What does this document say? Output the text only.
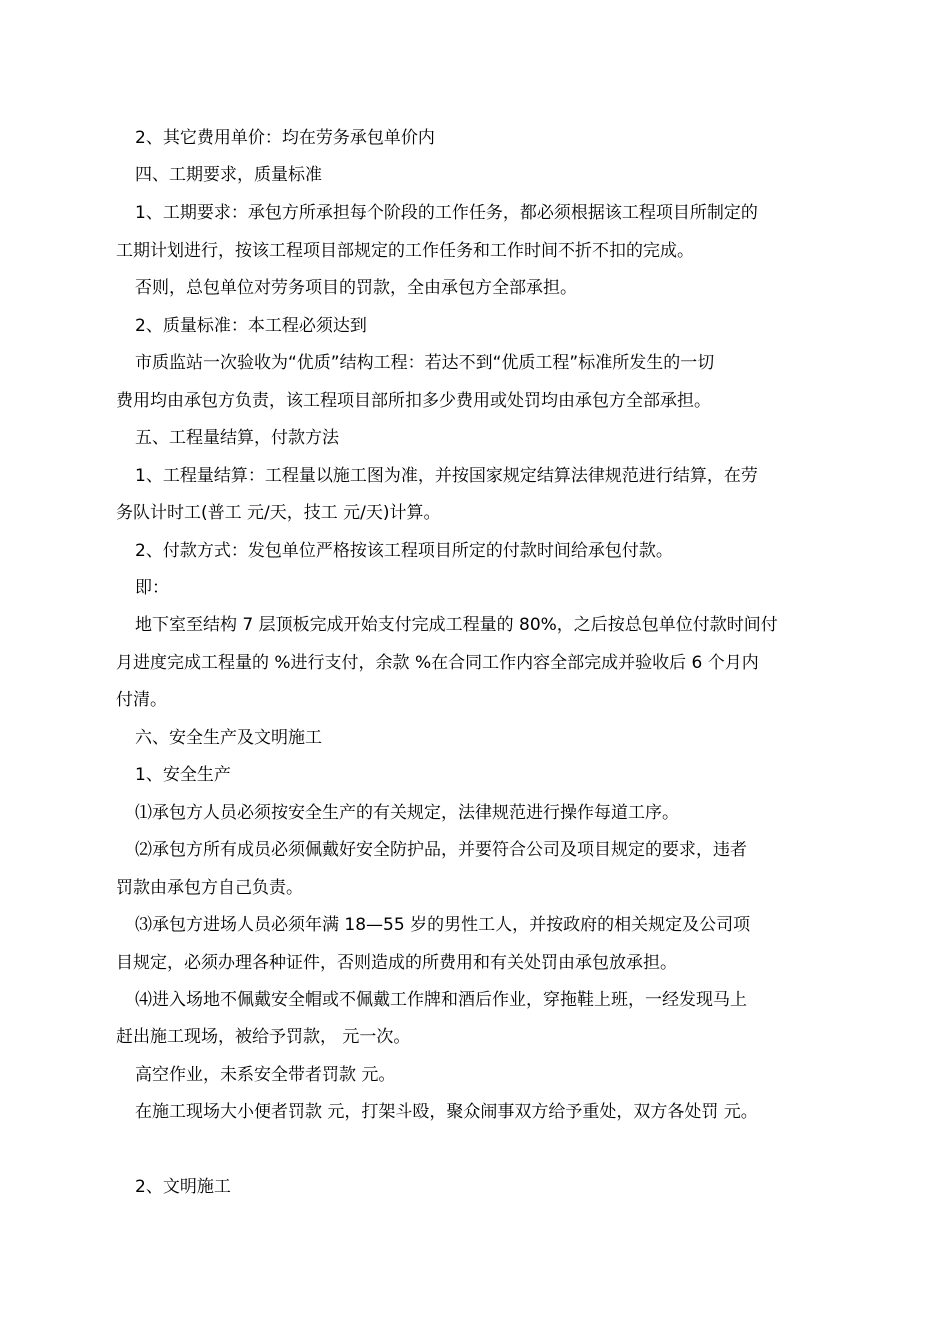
2、其它费用单价：均在劳务承包单价内

四、工期要求，质量标准

1、工期要求：承包方所承担每个阶段的工作任务，都必须根据该工程项目所制定的

工期计划进行，按该工程项目部规定的工作任务和工作时间不折不扣的完成。

否则，总包单位对劳务项目的罚款，全由承包方全部承担。

2、质量标准：本工程必须达到

市质监站一次验收为“优质”结构工程：若达不到“优质工程”标准所发生的一切

费用均由承包方负责，该工程项目部所扣多少费用或处罚均由承包方全部承担。

五、工程量结算，付款方法

1、工程量结算：工程量以施工图为准，并按国家规定结算法律规范进行结算，在劳

务队计时工(普工 元/天，技工 元/天)计算。

2、付款方式：发包单位严格按该工程项目所定的付款时间给承包付款。

即：

地下室至结构 7 层顶板完成开始支付完成工程量的 80%，之后按总包单位付款时间付

月进度完成工程量的 %进行支付，余款 %在合同工作内容全部完成并验收后 6 个月内

付清。

六、安全生产及文明施工

1、安全生产

⑴承包方人员必须按安全生产的有关规定，法律规范进行操作每道工序。

⑵承包方所有成员必须佩戴好安全防护品，并要符合公司及项目规定的要求，违者

罚款由承包方自己负责。

⑶承包方进场人员必须年满 18—55 岁的男性工人，并按政府的相关规定及公司项

目规定，必须办理各种证件，否则造成的所费用和有关处罚由承包放承担。

⑷进入场地不佩戴安全帽或不佩戴工作牌和酒后作业，穿拖鞋上班，一经发现马上

赶出施工现场，被给予罚款， 元一次。

高空作业，未系安全带者罚款 元。

在施工现场大小便者罚款 元，打架斗殴，聚众闹事双方给予重处，双方各处罚 元。

2、文明施工
